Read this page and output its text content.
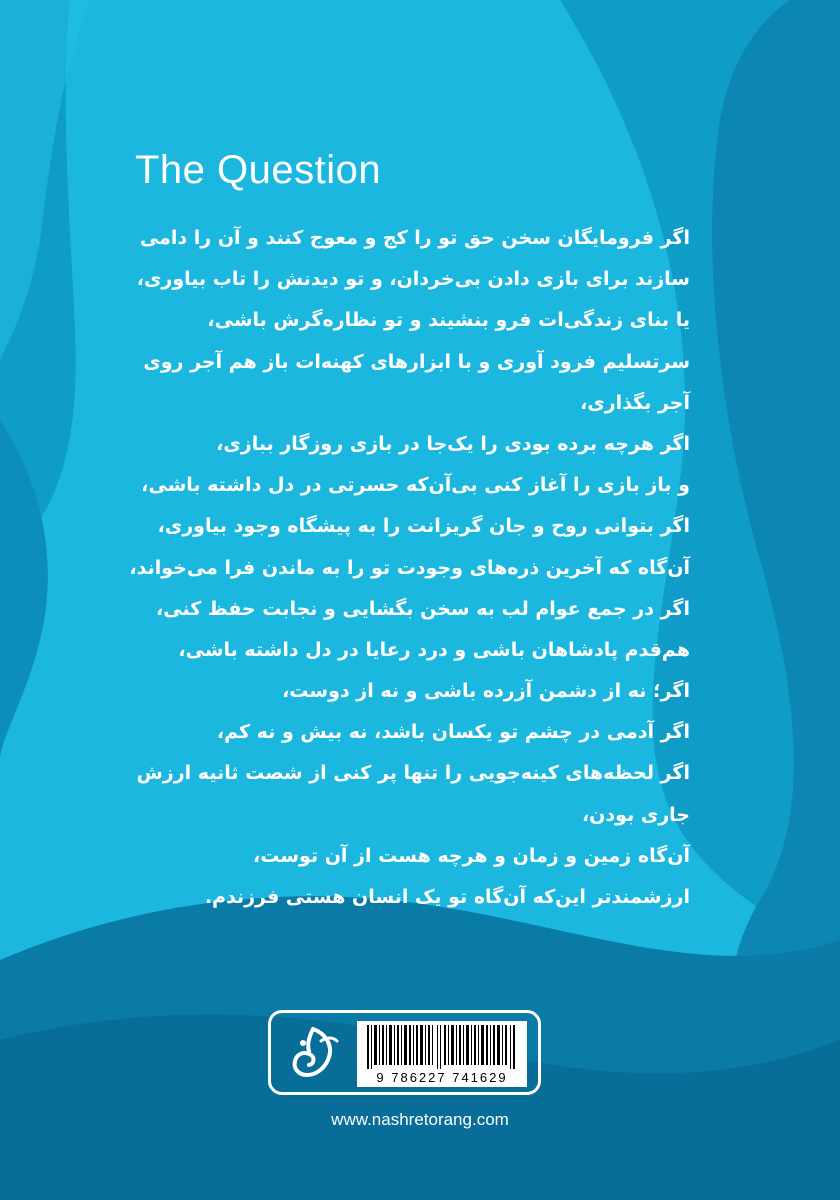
The Question
اگر فرومایگان سخن حق تو را کج و معوج کنند و آن را دامی
سازند برای بازی دادن بی‌خردان، و تو دیدنش را تاب بیاوری،
یا بنای زندگی‌ات فرو بنشیند و تو نظاره‌گرش باشی،
سرتسلیم فرود آوری و با ابزارهای کهنه‌ات باز هم آجر روی
آجر بگذاری،
اگر هرچه برده بودی را یک‌جا در بازی روزگار ببازی،
و باز بازی را آغاز کنی بی‌آن‌که حسرتی در دل داشته باشی،
اگر بتوانی روح و جان گریزانت را به پیشگاه وجود بیاوری،
آن‌گاه که آخرین ذره‌های وجودت تو را به ماندن فرا می‌خواند،
اگر در جمع عوام لب به سخن بگشایی و نجابت حفظ کنی،
هم‌قدم پادشاهان باشی و درد رعایا در دل داشته باشی،
اگر؛ نه از دشمن آزرده باشی و نه از دوست،
اگر آدمی در چشم تو یکسان باشد، نه بیش و نه کم،
اگر لحظه‌های کینه‌جویی را تنها پر کنی از شصت ثانیه ارزش
جاری بودن،
آن‌گاه زمین و زمان و هرچه هست از آن توست،
ارزشمندتر این‌که آن‌گاه تو یک انسان هستی فرزندم.
9 786227 741629
www.nashretorang.com
